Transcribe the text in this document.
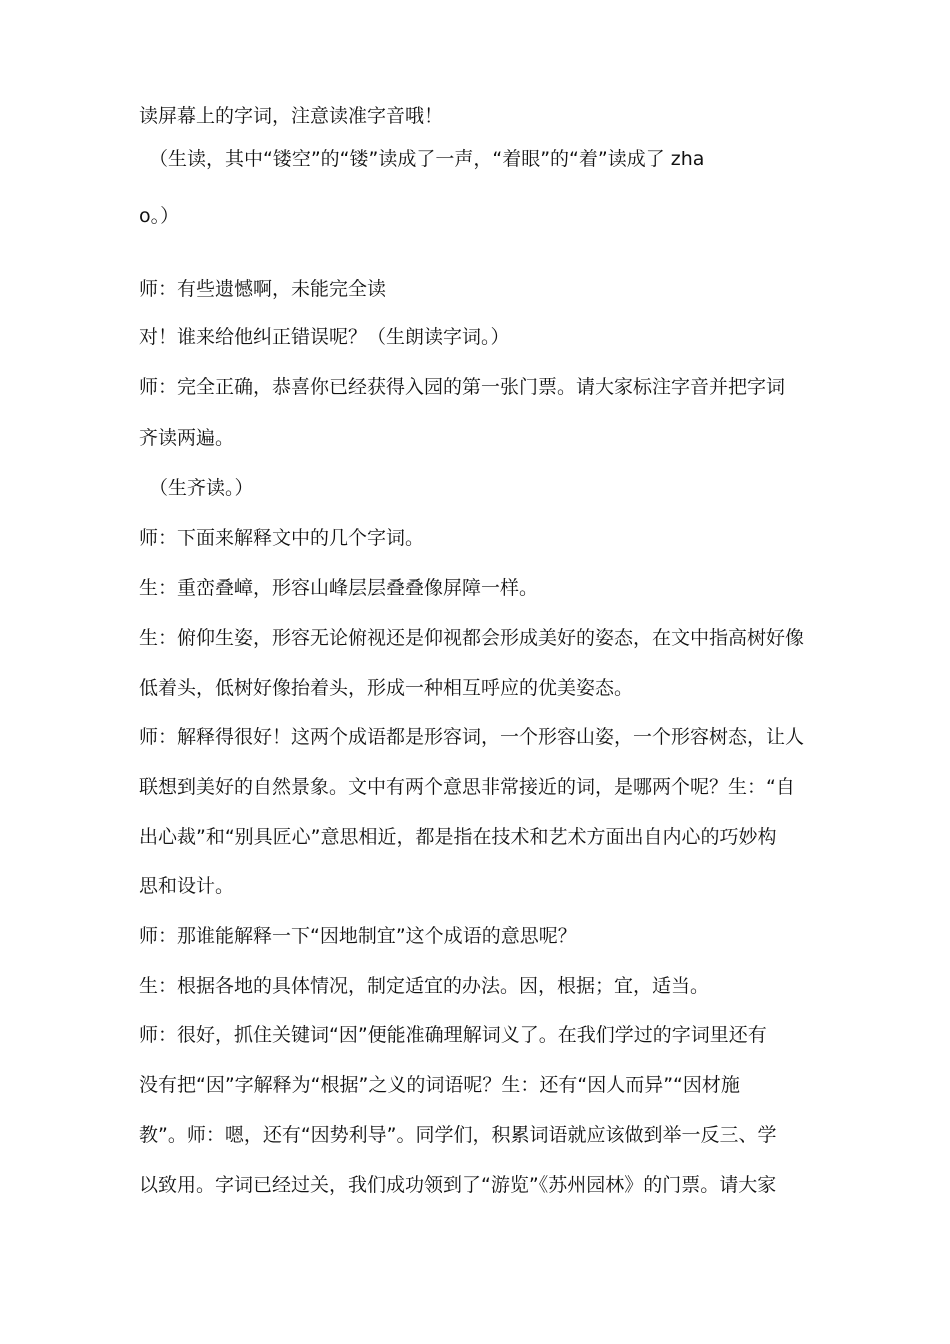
读屏幕上的字词，注意读准字音哦！
（生读，其中“镂空”的“镂”读成了一声，“着眼”的“着”读成了 zha
o。）
师：有些遗憾啊，未能完全读
对！谁来给他纠正错误呢？（生朗读字词。）
师：完全正确，恭喜你已经获得入园的第一张门票。请大家标注字音并把字词
齐读两遍。
（生齐读。）
师：下面来解释文中的几个字词。
生：重峦叠嶂，形容山峰层层叠叠像屏障一样。
生：俯仰生姿，形容无论俯视还是仰视都会形成美好的姿态，在文中指高树好像
低着头，低树好像抬着头，形成一种相互呼应的优美姿态。
师：解释得很好！这两个成语都是形容词，一个形容山姿，一个形容树态，让人
联想到美好的自然景象。文中有两个意思非常接近的词，是哪两个呢？生：“自
出心裁”和“别具匠心”意思相近，都是指在技术和艺术方面出自内心的巧妙构
思和设计。
师：那谁能解释一下“因地制宜”这个成语的意思呢？
生：根据各地的具体情况，制定适宜的办法。因，根据；宜，适当。
师：很好，抓住关键词“因”便能准确理解词义了。在我们学过的字词里还有
没有把“因”字解释为“根据”之义的词语呢？生：还有“因人而异”“因材施
教”。师：嗯，还有“因势利导”。同学们，积累词语就应该做到举一反三、学
以致用。字词已经过关，我们成功领到了“游览”《苏州园林》的门票。请大家
